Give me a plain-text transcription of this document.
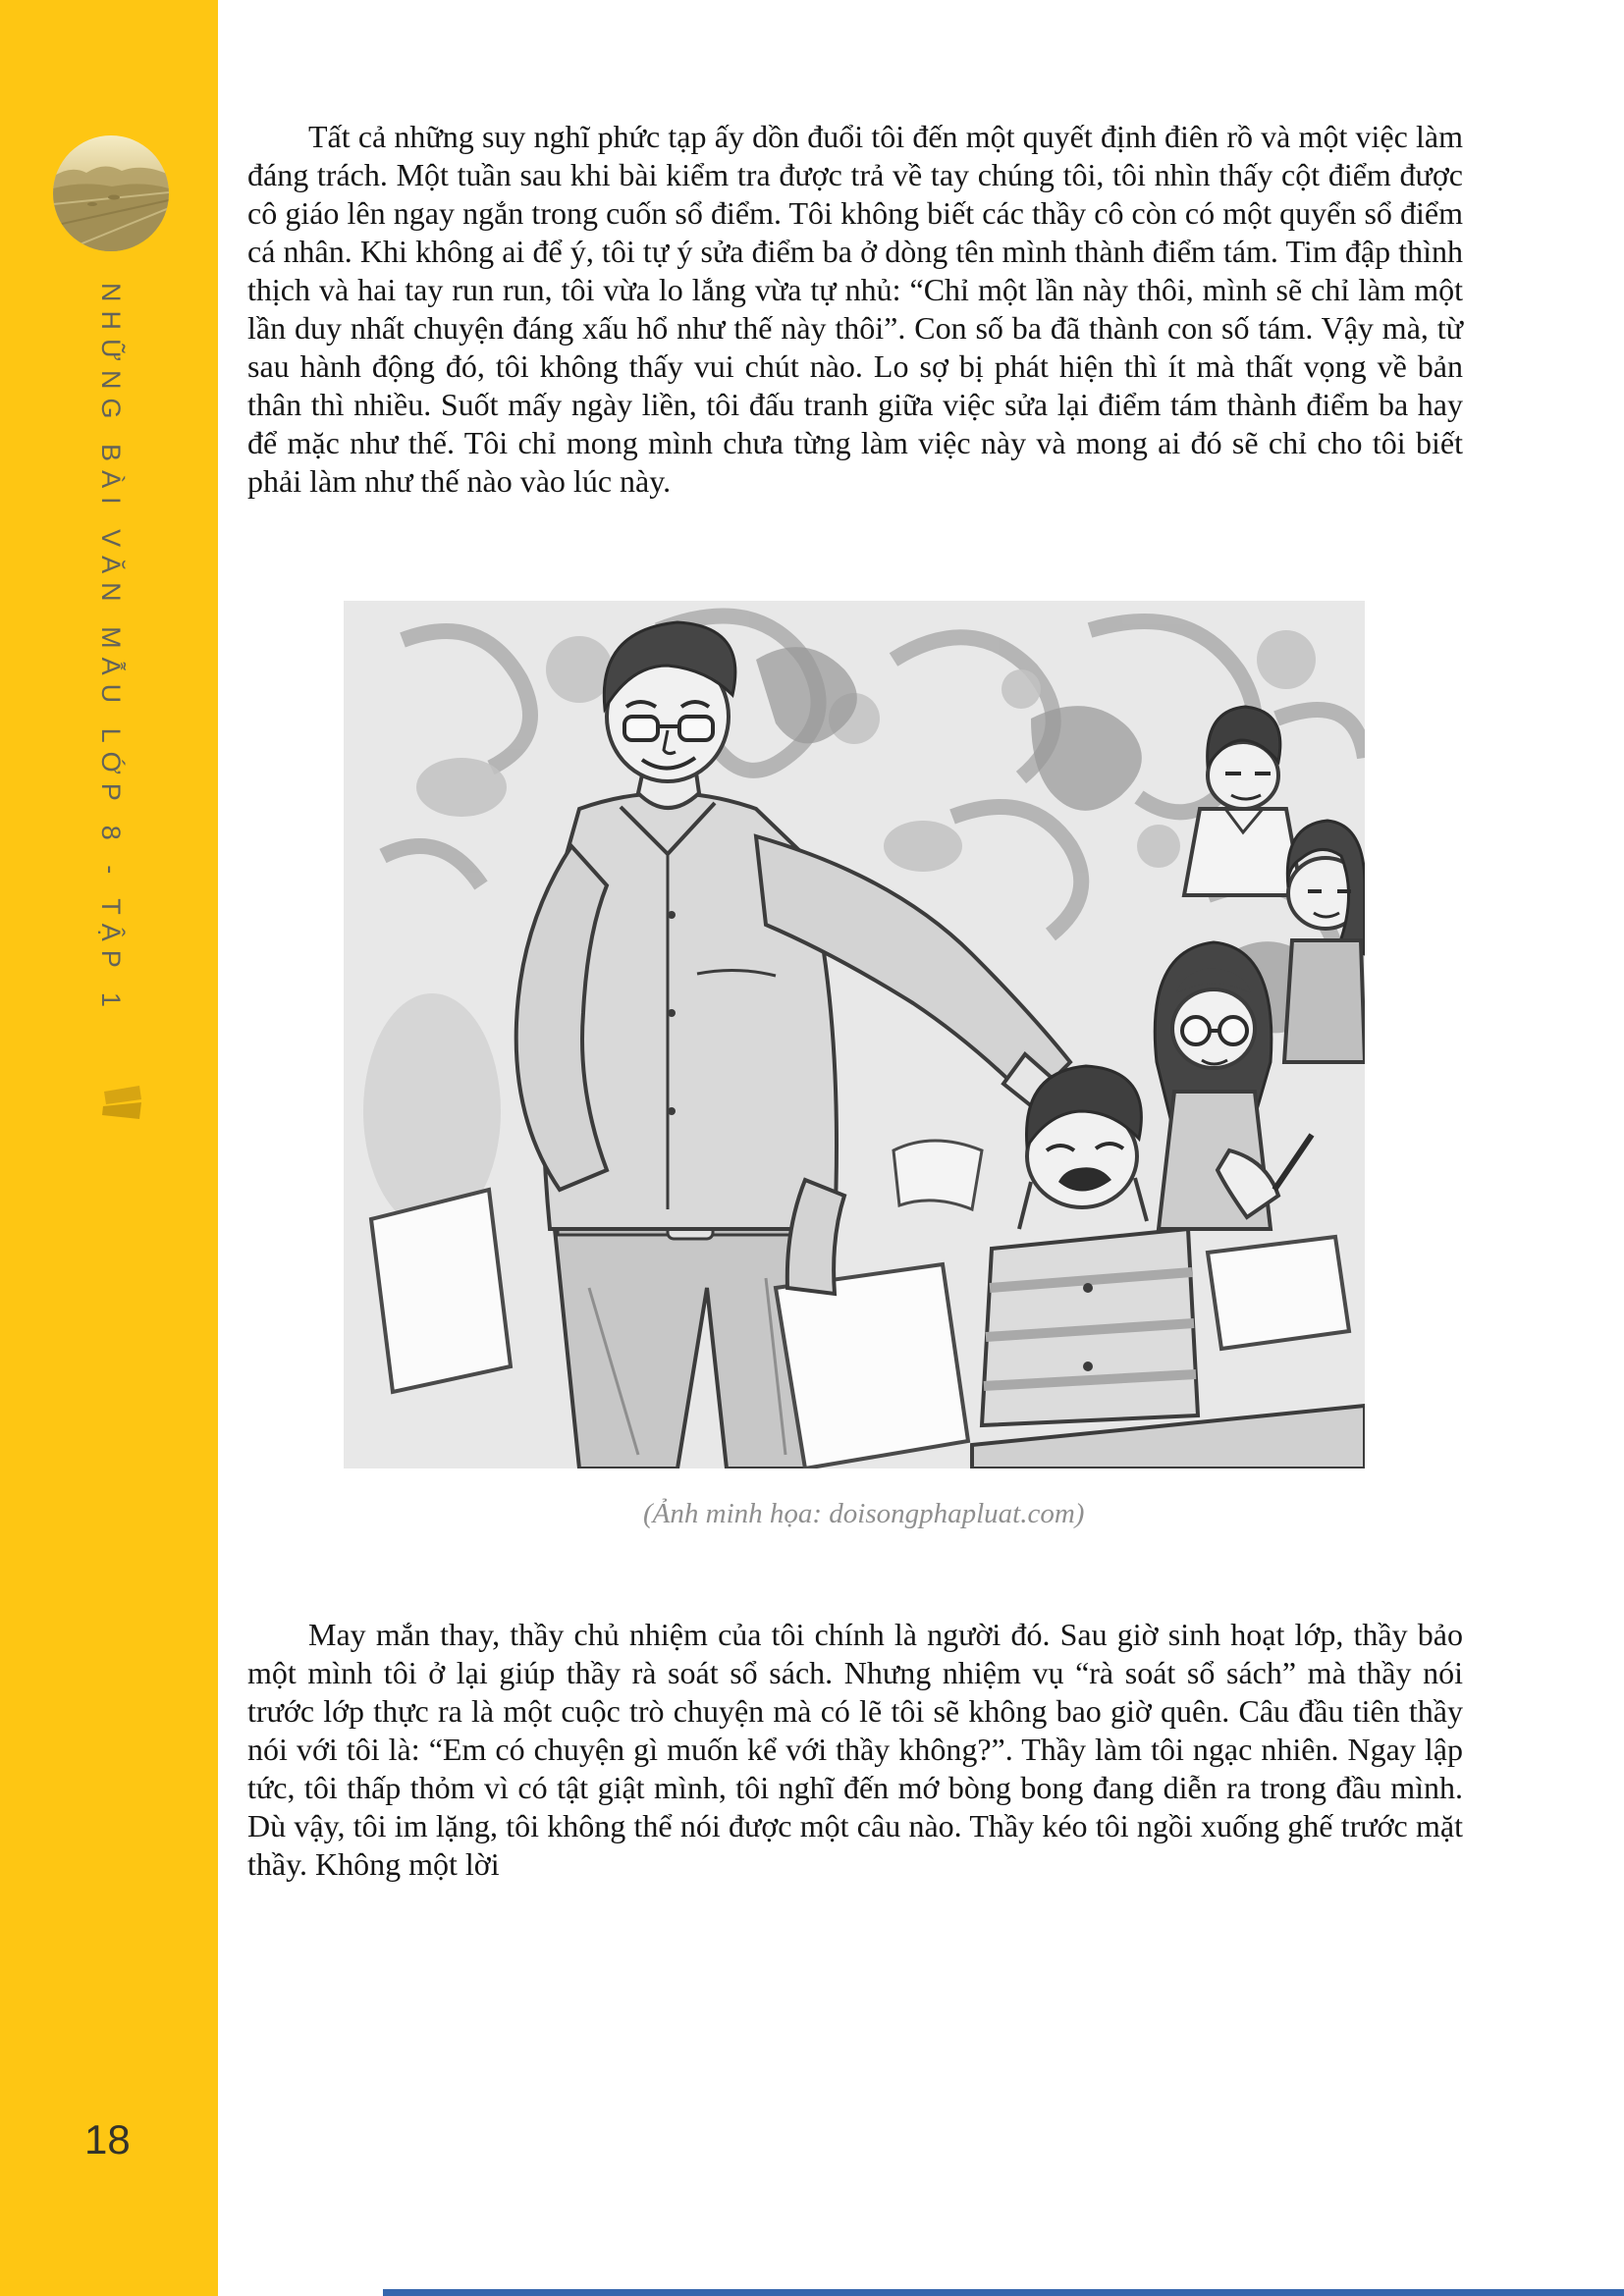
NHỮNG BÀI VĂN MẪU LỚP 8 - TẬP 1
18

Tất cả những suy nghĩ phức tạp ấy dồn đuổi tôi đến một quyết định điên rồ và một việc làm đáng trách. Một tuần sau khi bài kiểm tra được trả về tay chúng tôi, tôi nhìn thấy cột điểm được cô giáo lên ngay ngắn trong cuốn sổ điểm. Tôi không biết các thầy cô còn có một quyển sổ điểm cá nhân. Khi không ai để ý, tôi tự ý sửa điểm ba ở dòng tên mình thành điểm tám. Tim đập thình thịch và hai tay run run, tôi vừa lo lắng vừa tự nhủ: “Chỉ một lần này thôi, mình sẽ chỉ làm một lần duy nhất chuyện đáng xấu hổ như thế này thôi”. Con số ba đã thành con số tám. Vậy mà, từ sau hành động đó, tôi không thấy vui chút nào. Lo sợ bị phát hiện thì ít mà thất vọng về bản thân thì nhiều. Suốt mấy ngày liền, tôi đấu tranh giữa việc sửa lại điểm tám thành điểm ba hay để mặc như thế. Tôi chỉ mong mình chưa từng làm việc này và mong ai đó sẽ chỉ cho tôi biết phải làm như thế nào vào lúc này.

(Ảnh minh họa: doisongphapluat.com)

May mắn thay, thầy chủ nhiệm của tôi chính là người đó. Sau giờ sinh hoạt lớp, thầy bảo một mình tôi ở lại giúp thầy rà soát sổ sách. Nhưng nhiệm vụ “rà soát sổ sách” mà thầy nói trước lớp thực ra là một cuộc trò chuyện mà có lẽ tôi sẽ không bao giờ quên. Câu đầu tiên thầy nói với tôi là: “Em có chuyện gì muốn kể với thầy không?”. Thầy làm tôi ngạc nhiên. Ngay lập tức, tôi thấp thỏm vì có tật giật mình, tôi nghĩ đến mớ bòng bong đang diễn ra trong đầu mình. Dù vậy, tôi im lặng, tôi không thể nói được một câu nào. Thầy kéo tôi ngồi xuống ghế trước mặt thầy. Không một lời
